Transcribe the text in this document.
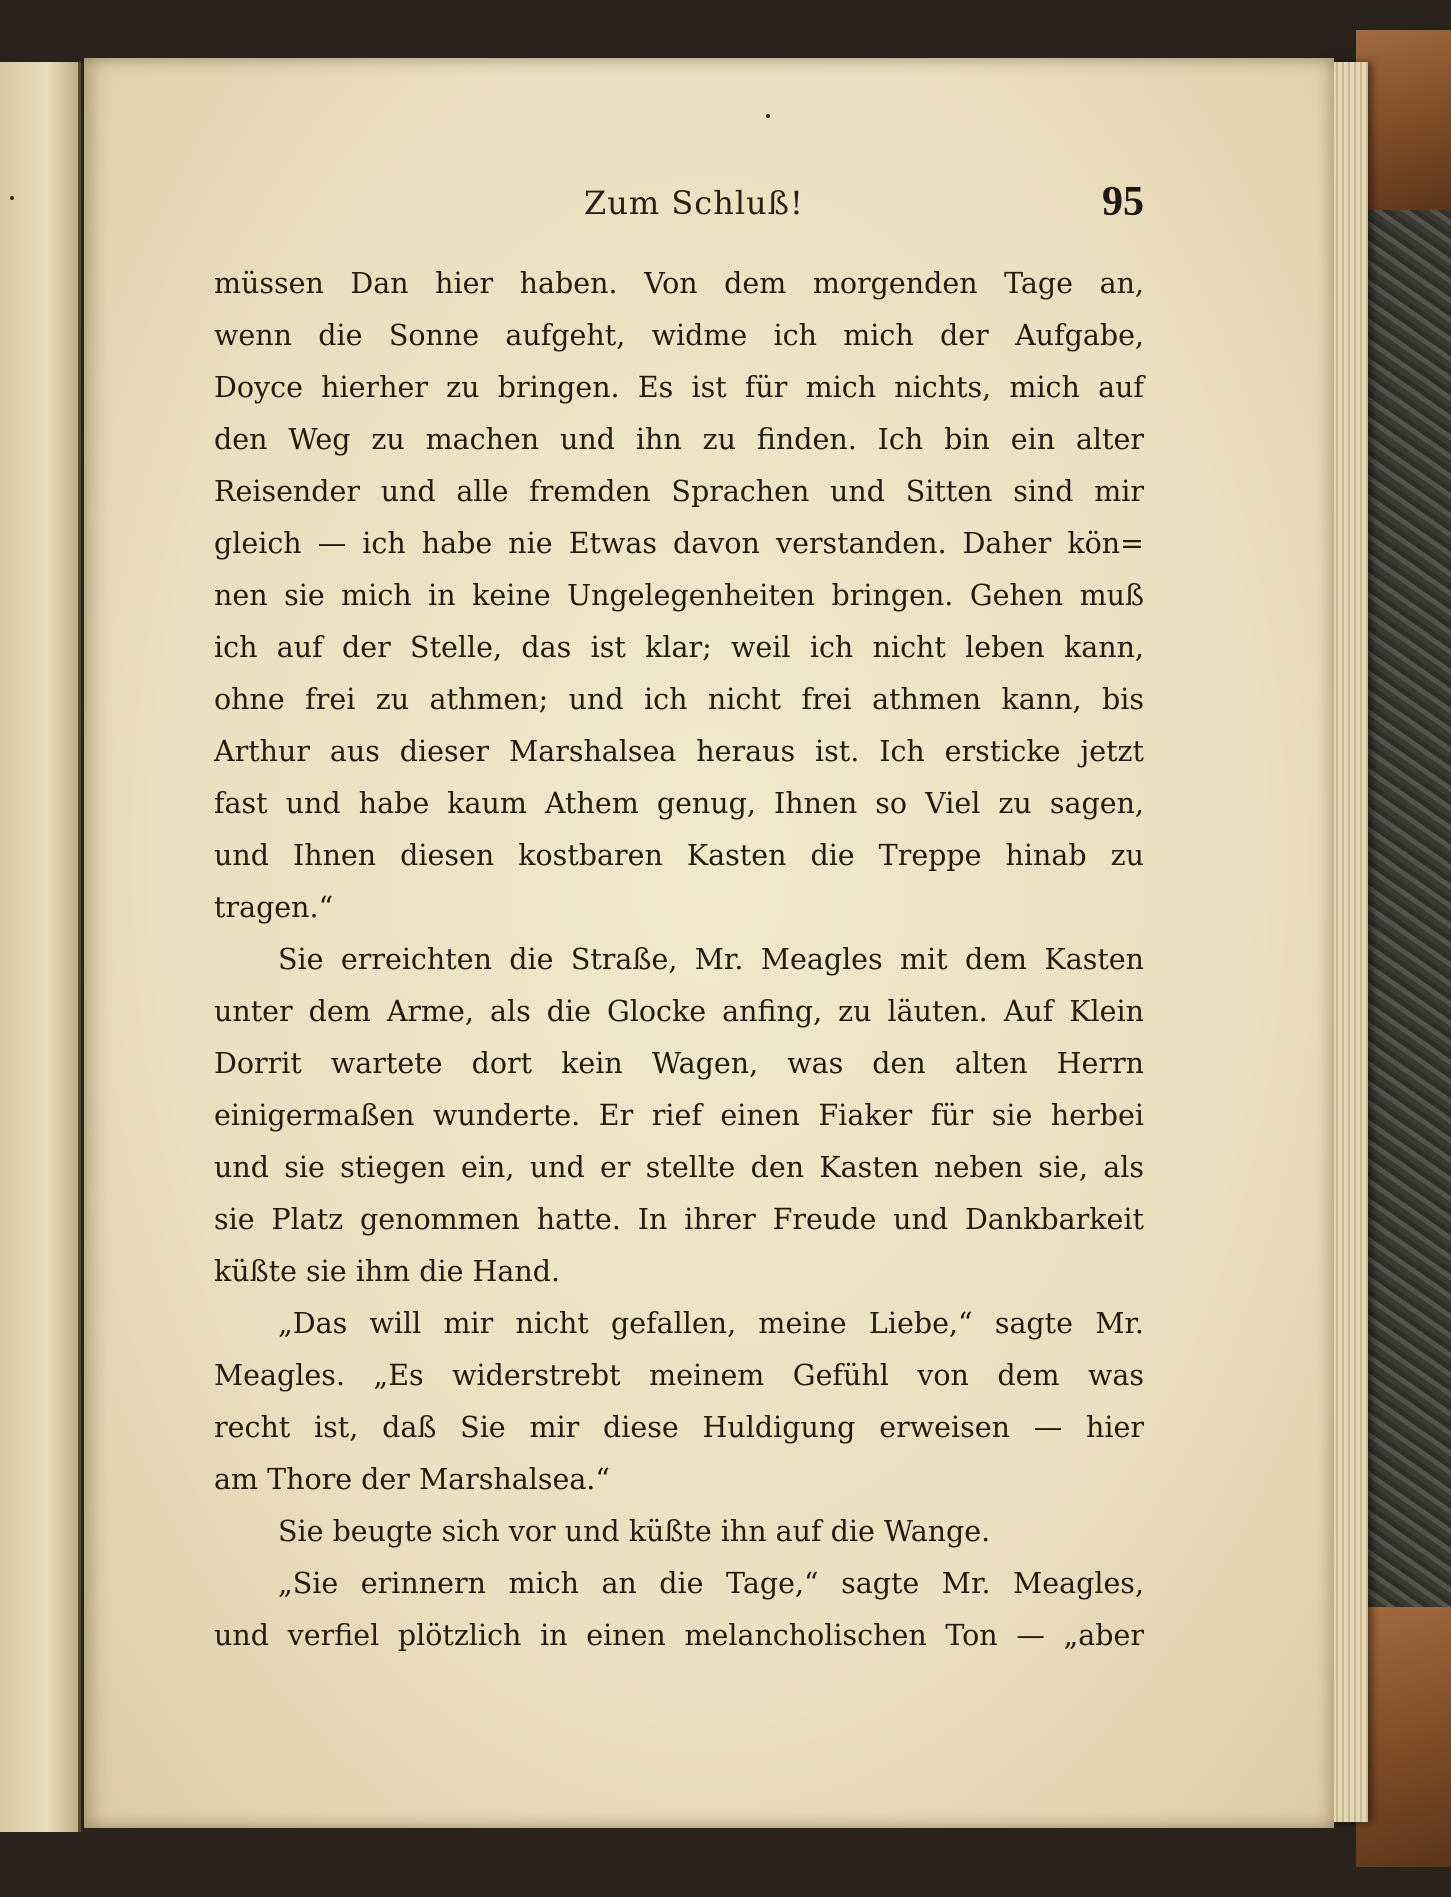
Zum Schluß!	95
müssen Dan hier haben. Von dem morgenden Tage an,
wenn die Sonne aufgeht, widme ich mich der Aufgabe,
Doyce hierher zu bringen. Es ist für mich nichts, mich auf
den Weg zu machen und ihn zu finden. Ich bin ein alter
Reisender und alle fremden Sprachen und Sitten sind mir
gleich — ich habe nie Etwas davon verstanden. Daher kön=
nen sie mich in keine Ungelegenheiten bringen. Gehen muß
ich auf der Stelle, das ist klar; weil ich nicht leben kann,
ohne frei zu athmen; und ich nicht frei athmen kann, bis
Arthur aus dieser Marshalsea heraus ist. Ich ersticke jetzt
fast und habe kaum Athem genug, Ihnen so Viel zu sagen,
und Ihnen diesen kostbaren Kasten die Treppe hinab zu
tragen.“
Sie erreichten die Straße, Mr. Meagles mit dem Kasten
unter dem Arme, als die Glocke anfing, zu läuten. Auf Klein
Dorrit wartete dort kein Wagen, was den alten Herrn
einigermaßen wunderte. Er rief einen Fiaker für sie herbei
und sie stiegen ein, und er stellte den Kasten neben sie, als
sie Platz genommen hatte. In ihrer Freude und Dankbarkeit
küßte sie ihm die Hand.
„Das will mir nicht gefallen, meine Liebe,“ sagte Mr.
Meagles. „Es widerstrebt meinem Gefühl von dem was
recht ist, daß Sie mir diese Huldigung erweisen — hier
am Thore der Marshalsea.“
Sie beugte sich vor und küßte ihn auf die Wange.
„Sie erinnern mich an die Tage,“ sagte Mr. Meagles,
und verfiel plötzlich in einen melancholischen Ton — „aber
